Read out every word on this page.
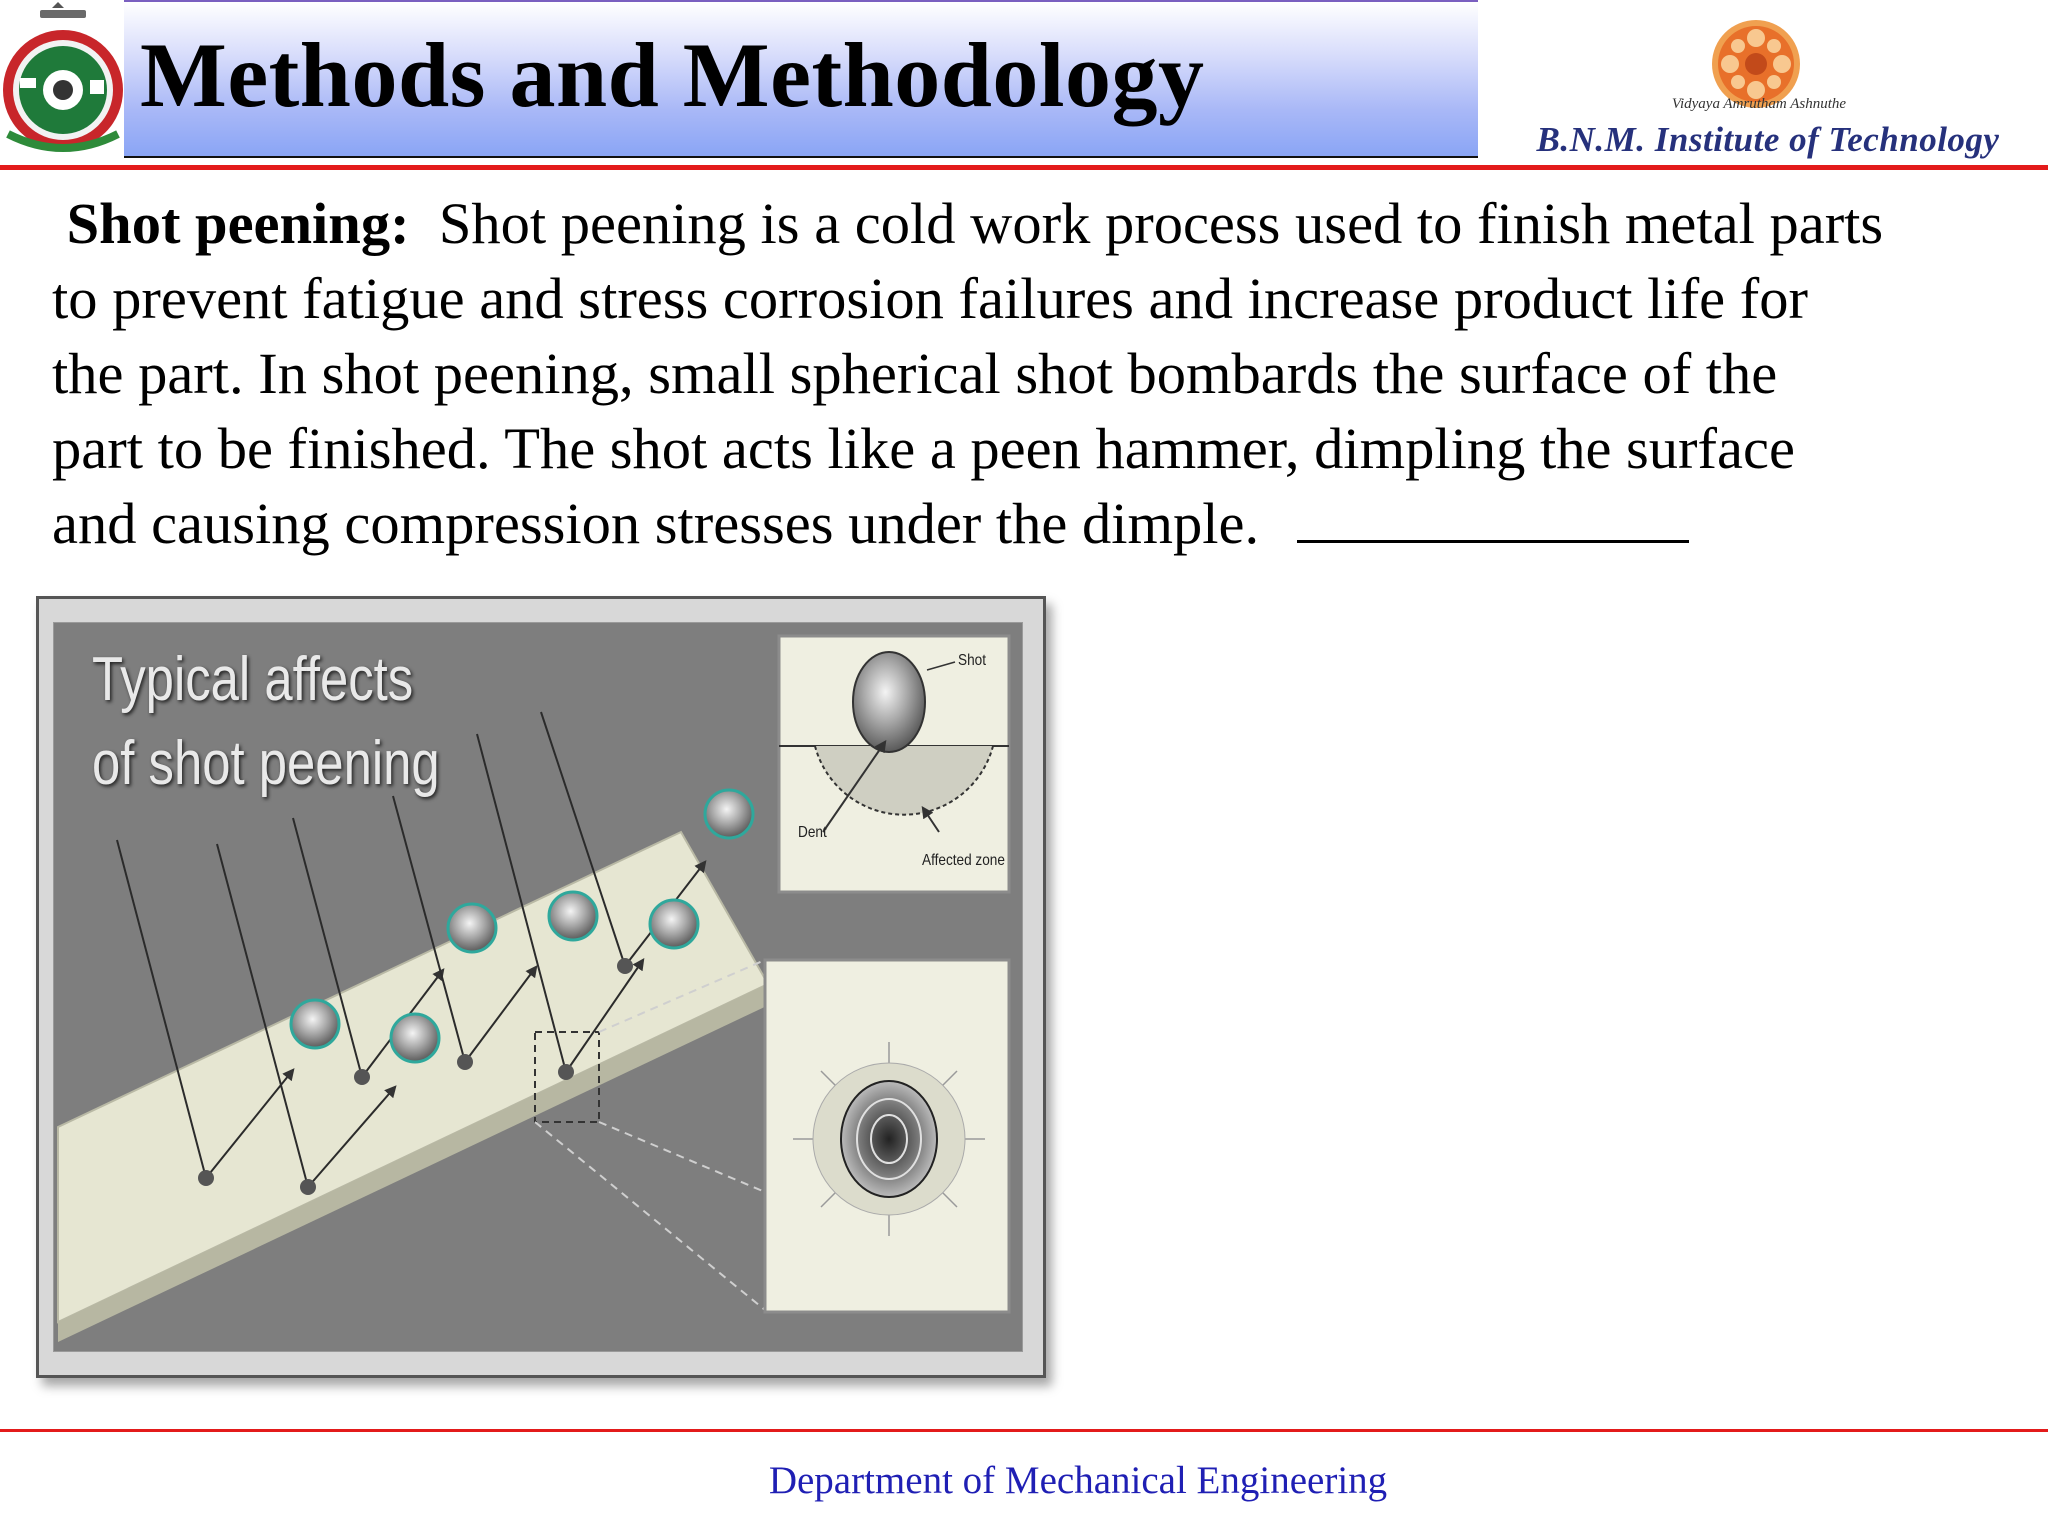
Methods and Methodology	Vidyaya Amrutham Ashnuthe
B.N.M. Institute of Technology
Shot peening: Shot peening is a cold work process used to finish metal parts
to prevent fatigue and stress corrosion failures and increase product life for
the part. In shot peening, small spherical shot bombards the surface of the
part to be finished. The shot acts like a peen hammer, dimpling the surface
and causing compression stresses under the dimple.
Typical affects
of shot peening
Shot
Dent
Affected zone
Department of Mechanical Engineering
